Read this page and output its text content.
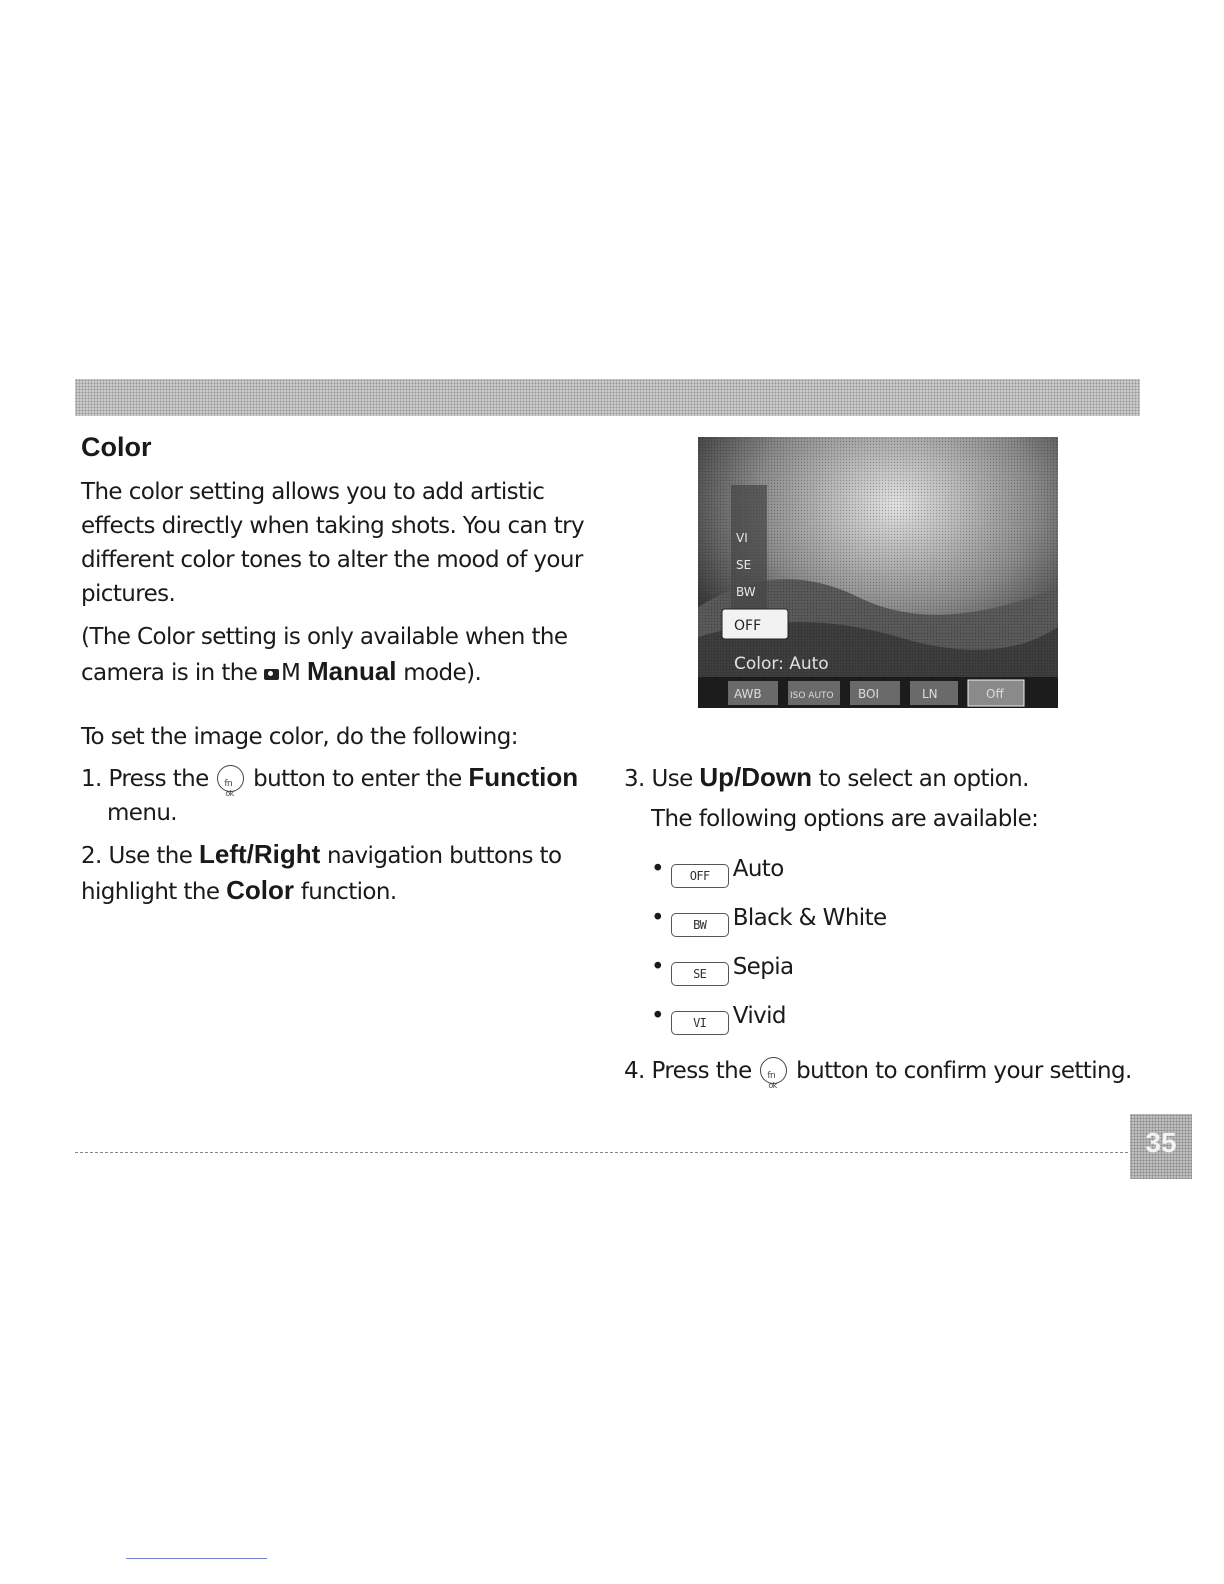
Color

The color setting allows you to add artistic effects directly when taking shots. You can try different color tones to alter the mood of your pictures.

(The Color setting is only available when the camera is in the M Manual mode).

To set the image color, do the following:

1. Press the fn ok button to enter the Function
menu.
2. Use the Left/Right navigation buttons to highlight the Color function.
VI
SE
BW
OFF
Color: Auto
AWB	ISO AUTO BOI	LN	Off
3. Use Up/Down to select an option.
The following options are available:
• OFF Auto
• BW Black & White
• SE Sepia
• VI Vivid
4. Press the fn ok button to confirm your setting.
35
